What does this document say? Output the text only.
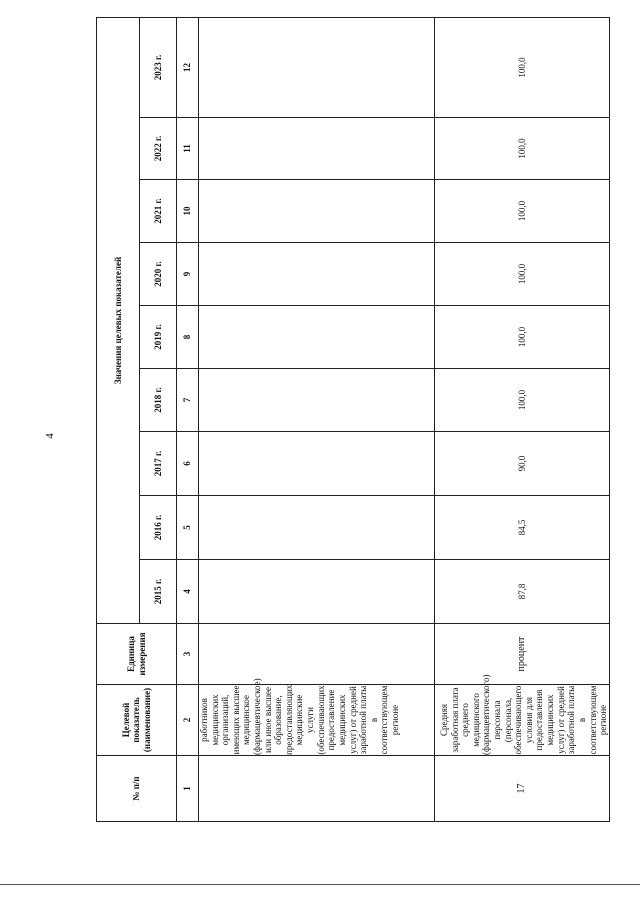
4
№ п/п	Целевой показатель (наименование)	Единица измерения	Значения целевых показателей								
			2015 г.	2016 г.	2017 г.	2018 г.	2019 г.	2020 г.	2021 г.	2022 г.	2023 г.
1	2	3	4	5	6	7	8	9	10	11	12
	работников медицинских организаций, имеющих высшее медицинское (фармацевтическое) или иное высшее образование, предоставляющих медицинские услуги (обеспечивающих предоставление медицинских услуг) от средней заработной платы в соответствующем регионе										
17	Средняя заработная плата среднего медицинского (фармацевтического) персонала (персонала, обеспечивающего условия для предоставления медицинских услуг) от средней заработной платы в соответствующем регионе	процент	87,8	84,5	90,0	100,0	100,0	100,0	100,0	100,0	100,0
